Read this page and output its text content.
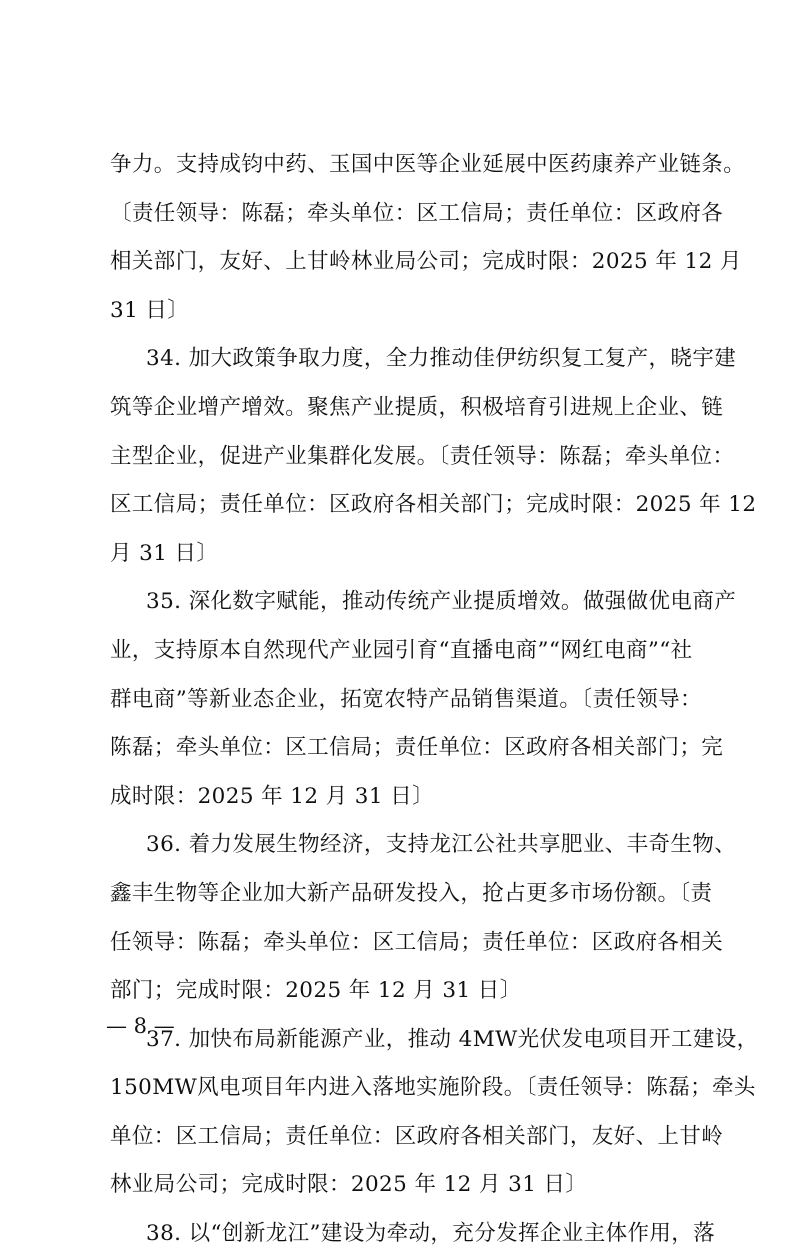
争力。支持成钧中药、玉国中医等企业延展中医药康养产业链条。
〔责任领导：陈磊；牵头单位：区工信局；责任单位：区政府各
相关部门，友好、上甘岭林业局公司；完成时限：2025 年 12 月
31 日〕
34. 加大政策争取力度，全力推动佳伊纺织复工复产，晓宇建
筑等企业增产增效。聚焦产业提质，积极培育引进规上企业、链
主型企业，促进产业集群化发展。〔责任领导：陈磊；牵头单位：
区工信局；责任单位：区政府各相关部门；完成时限：2025 年 12
月 31 日〕
35. 深化数字赋能，推动传统产业提质增效。做强做优电商产
业，支持原本自然现代产业园引育“直播电商”“网红电商”“社
群电商”等新业态企业，拓宽农特产品销售渠道。〔责任领导：
陈磊；牵头单位：区工信局；责任单位：区政府各相关部门；完
成时限：2025 年 12 月 31 日〕
36. 着力发展生物经济，支持龙江公社共享肥业、丰奇生物、
鑫丰生物等企业加大新产品研发投入，抢占更多市场份额。〔责
任领导：陈磊；牵头单位：区工信局；责任单位：区政府各相关
部门；完成时限：2025 年 12 月 31 日〕
37. 加快布局新能源产业，推动 4MW光伏发电项目开工建设，
150MW风电项目年内进入落地实施阶段。〔责任领导：陈磊；牵头
单位：区工信局；责任单位：区政府各相关部门，友好、上甘岭
林业局公司；完成时限：2025 年 12 月 31 日〕
38. 以“创新龙江”建设为牵动，充分发挥企业主体作用，落
— 8 —
